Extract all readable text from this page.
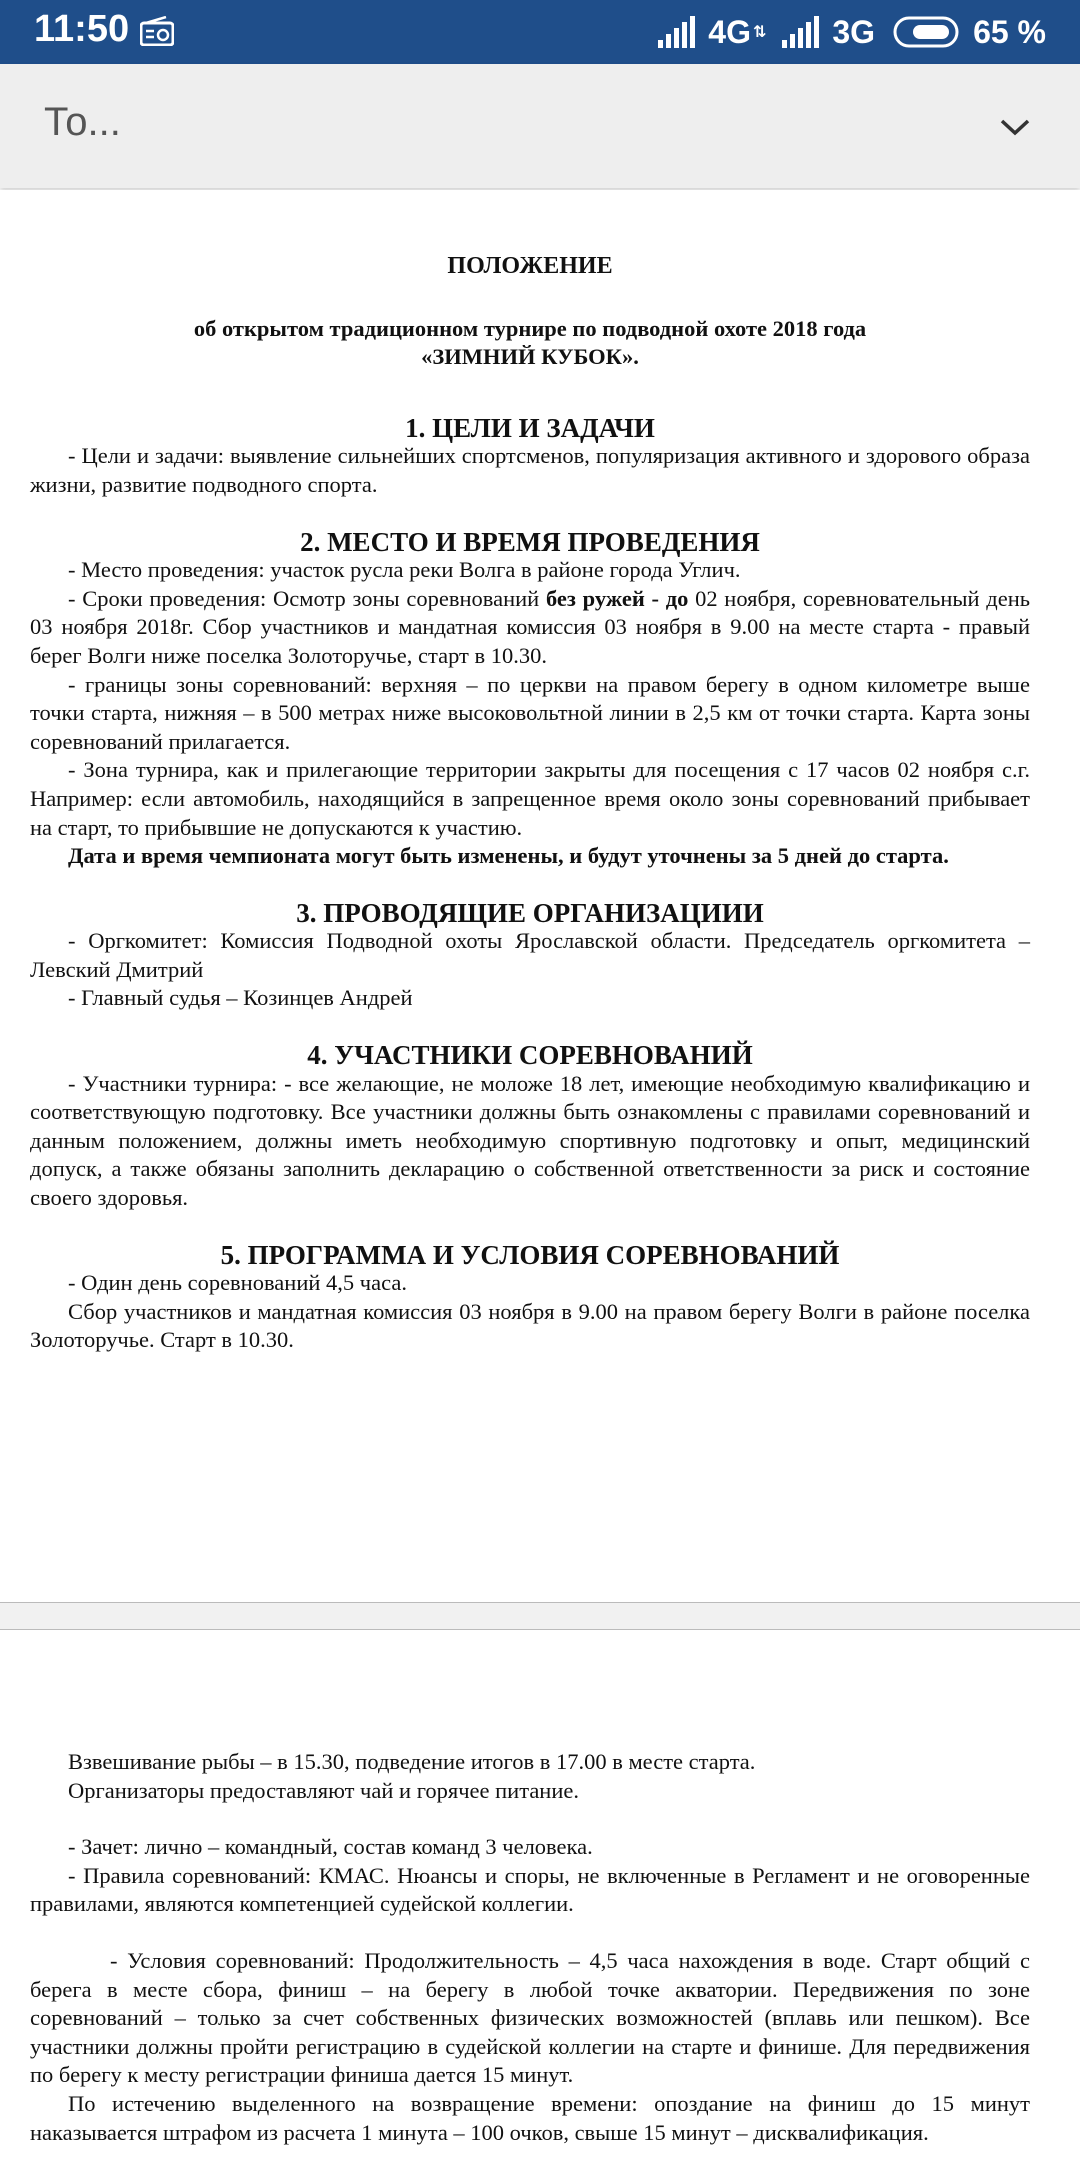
11:50	4G ⇅ 3G	65 %
То...

ПОЛОЖЕНИЕ

об открытом традиционном турнире по подводной охоте 2018 года

«ЗИМНИЙ КУБОК».

1. ЦЕЛИ И ЗАДАЧИ

- Цели и задачи: выявление сильнейших спортсменов, популяризация активного и здорового образа жизни, развитие подводного спорта.

2. МЕСТО И ВРЕМЯ ПРОВЕДЕНИЯ

- Место проведения: участок русла реки Волга в районе города Углич.

- Сроки проведения: Осмотр зоны соревнований без ружей - до 02 ноября, соревновательный день 03 ноября 2018г. Сбор участников и мандатная комиссия 03 ноября в 9.00 на месте старта - правый берег Волги ниже поселка Золоторучье, старт в 10.30.

- границы зоны соревнований: верхняя – по церкви на правом берегу в одном километре выше точки старта, нижняя – в 500 метрах ниже высоковольтной линии в 2,5 км от точки старта. Карта зоны соревнований прилагается.

- Зона турнира, как и прилегающие территории закрыты для посещения с 17 часов 02 ноября с.г. Например: если автомобиль, находящийся в запрещенное время около зоны соревнований прибывает на старт, то прибывшие не допускаются к участию.

Дата и время чемпионата могут быть изменены, и будут уточнены за 5 дней до старта.

3. ПРОВОДЯЩИЕ ОРГАНИЗАЦИИИ

- Оргкомитет: Комиссия Подводной охоты Ярославской области. Председатель оргкомитета – Левский Дмитрий

- Главный судья – Козинцев Андрей

4. УЧАСТНИКИ СОРЕВНОВАНИЙ

- Участники турнира: - все желающие, не моложе 18 лет, имеющие необходимую квалификацию и соответствующую подготовку. Все участники должны быть ознакомлены с правилами соревнований и данным положением, должны иметь необходимую спортивную подготовку и опыт, медицинский допуск, а также обязаны заполнить декларацию о собственной ответственности за риск и состояние своего здоровья.

5. ПРОГРАММА И УСЛОВИЯ СОРЕВНОВАНИЙ

- Один день соревнований 4,5 часа.

Сбор участников и мандатная комиссия 03 ноября в 9.00 на правом берегу Волги в районе поселка Золоторучье. Старт в 10.30.

Взвешивание рыбы – в 15.30, подведение итогов в 17.00 в месте старта.

Организаторы предоставляют чай и горячее питание.

- Зачет: лично – командный, состав команд 3 человека.

- Правила соревнований: КМАС. Нюансы и споры, не включенные в Регламент и не оговоренные правилами, являются компетенцией судейской коллегии.

- Условия соревнований: Продолжительность – 4,5 часа нахождения в воде. Старт общий с берега в месте сбора, финиш – на берегу в любой точке акватории. Передвижения по зоне соревнований – только за счет собственных физических возможностей (вплавь или пешком). Все участники должны пройти регистрацию в судейской коллегии на старте и финише. Для передвижения по берегу к месту регистрации финиша дается 15 минут.

По истечению выделенного на возвращение времени: опоздание на финиш до 15 минут наказывается штрафом из расчета 1 минута – 100 очков, свыше 15 минут – дисквалификация.
